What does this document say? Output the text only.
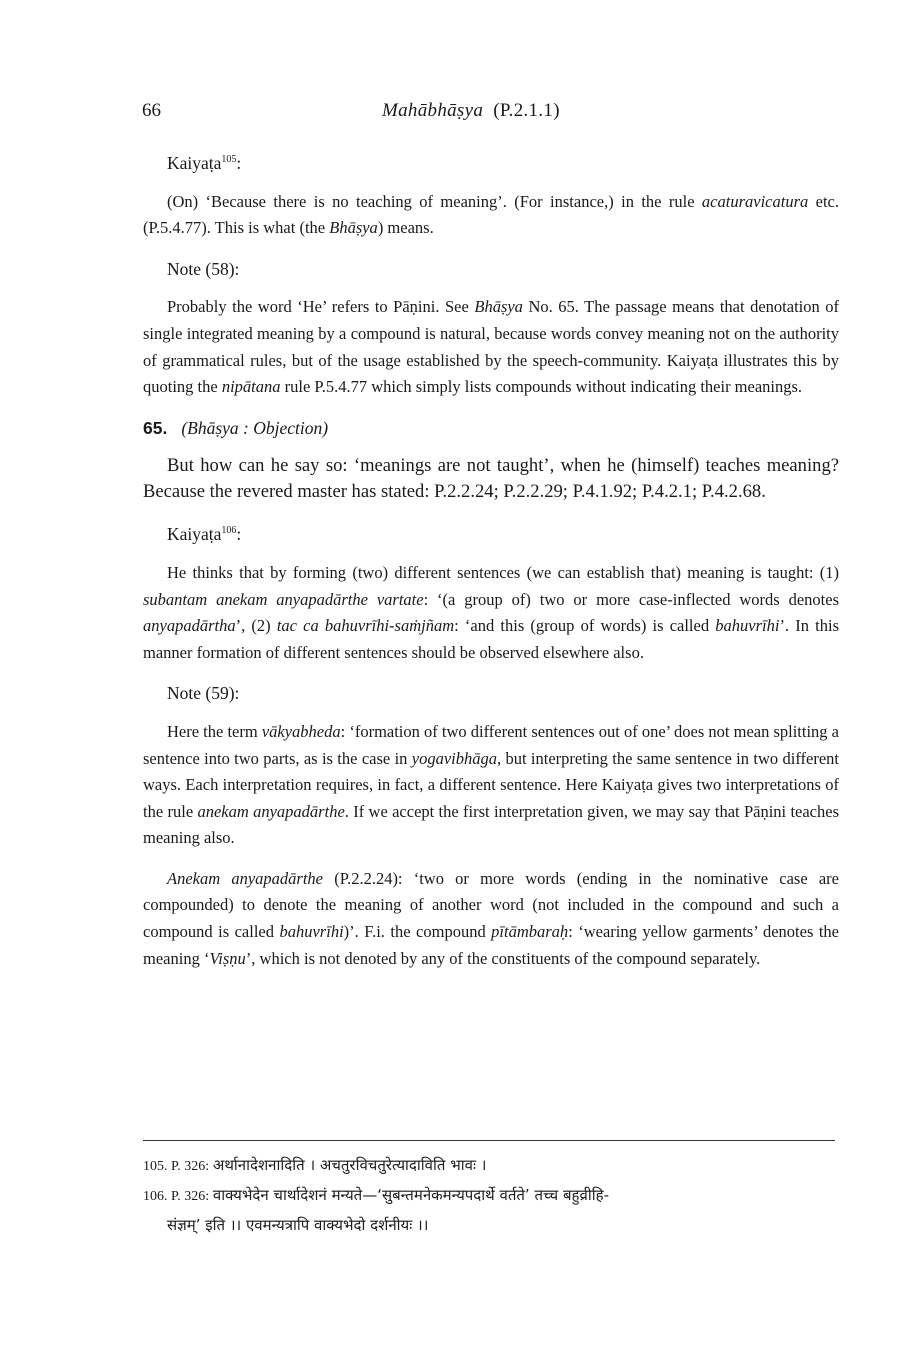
66	Mahābhāṣya (P.2.1.1)
Kaiyaṭa$^{105}$:

(On) ‘Because there is no teaching of meaning’. (For instance,) in the rule acaturavicatura etc. (P.5.4.77). This is what (the Bhāṣya) means.

Note (58):

Probably the word ‘He’ refers to Pāṇini. See Bhāṣya No. 65. The passage means that denotation of single integrated meaning by a compound is natural, because words convey meaning not on the authority of grammatical rules, but of the usage established by the speech-community. Kaiyaṭa illustrates this by quoting the nipātana rule P.5.4.77 which simply lists compounds without indicating their meanings.

65. (Bhāṣya : Objection)

But how can he say so: ‘meanings are not taught’, when he (himself) teaches meaning? Because the revered master has stated: P.2.2.24; P.2.2.29; P.4.1.92; P.4.2.1; P.4.2.68.

Kaiyaṭa$^{106}$:

He thinks that by forming (two) different sentences (we can establish that) meaning is taught: (1) subantam anekam anyapadārthe vartate: ‘(a group of) two or more case-inflected words denotes anyapadārtha’, (2) tac ca bahuvrīhi-saṁjñam: ‘and this (group of words) is called bahuvrīhi’. In this manner formation of different sentences should be observed elsewhere also.

Note (59):

Here the term vākyabheda: ‘formation of two different sentences out of one’ does not mean splitting a sentence into two parts, as is the case in yogavibhāga, but interpreting the same sentence in two different ways. Each interpretation requires, in fact, a different sentence. Here Kaiyaṭa gives two interpretations of the rule anekam anyapadārthe. If we accept the first interpretation given, we may say that Pāṇini teaches meaning also.

Anekam anyapadārthe (P.2.2.24): ‘two or more words (ending in the nominative case are compounded) to denote the meaning of another word (not included in the compound and such a compound is called bahuvrīhi)’. F.i. the compound pītāmbaraḥ: ‘wearing yellow garments’ denotes the meaning ‘Viṣṇu’, which is not denoted by any of the constituents of the compound separately.

105. P. 326: अर्थानादेशनादिति । अचतुरविचतुरेत्यादाविति भावः ।
106. P. 326: वाक्यभेदेन चार्थादेशनं मन्यते—‘सुबन्तमनेकमन्यपदार्थे वर्तते’ तच्च बहुव्रीहि-
संज्ञम्’ इति ।। एवमन्यत्रापि वाक्यभेदो दर्शनीयः ।।
